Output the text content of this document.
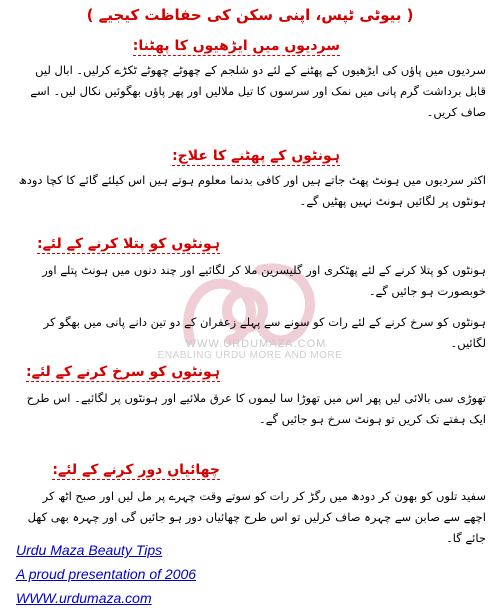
( بیوٹی ٹپس، اپنی سکن کی حفاظت کیجیے )
سردیوں میں ایڑھیوں کا پھٹنا:
سردیوں میں پاؤں کی ایڑھیوں کے پھٹنے کے لئے دو شلجم کے چھوٹے چھوٹے ٹکڑے کرلیں۔ ابال لیں قابل برداشت گرم پانی میں نمک اور سرسوں کا تیل ملالیں اور پھر پاؤں بھگوئیں نکال لیں۔ اسے صاف کریں۔
ہونٹوں کے پھٹنے کا علاج:
اکثر سردیوں میں ہونٹ پھٹ جاتے ہیں اور کافی بدنما معلوم ہوتے ہیں اس کیلئے گائے کا کچا دودھ ہونٹوں پر لگائیں ہونٹ نہیں پھٹیں گے۔
WWW.URDUMAZA.COM
ENABLING URDU MORE AND MORE
ہونٹوں کو پتلا کرنے کے لئے:
ہونٹوں کو پتلا کرنے کے لئے پھٹکری اور گلیسرین ملا کر لگائیے اور چند دنوں میں ہونٹ پتلے اور خوبصورت ہو جائیں گے۔
ہونٹوں کو سرخ کرنے کے لئے رات کو سونے سے پہلے زعفران کے دو تین دانے پانی میں بھگو کر لگائیں۔
ہونٹوں کو سرخ کرنے کے لئے:
تھوڑی سی بالائی لیں پھر اس میں تھوڑا سا لیموں کا عرق ملائیے اور ہونٹوں پر لگائیے۔ اس طرح ایک ہفتے تک کریں تو ہونٹ سرخ ہو جائیں گے۔
چھائیاں دور کرنے کے لئے:
سفید تلوں کو بھون کر دودھ میں رگڑ کر رات کو سوتے وقت چہرے پر مل لیں اور صبح اٹھ کر اچھے سے صابن سے چہرہ صاف کرلیں تو اس طرح چھائیاں دور ہو جائیں گی اور چہرہ بھی کھل جائے گا۔
Urdu Maza Beauty Tips
A proud presentation of 2006
WWW.urdumaza.com
